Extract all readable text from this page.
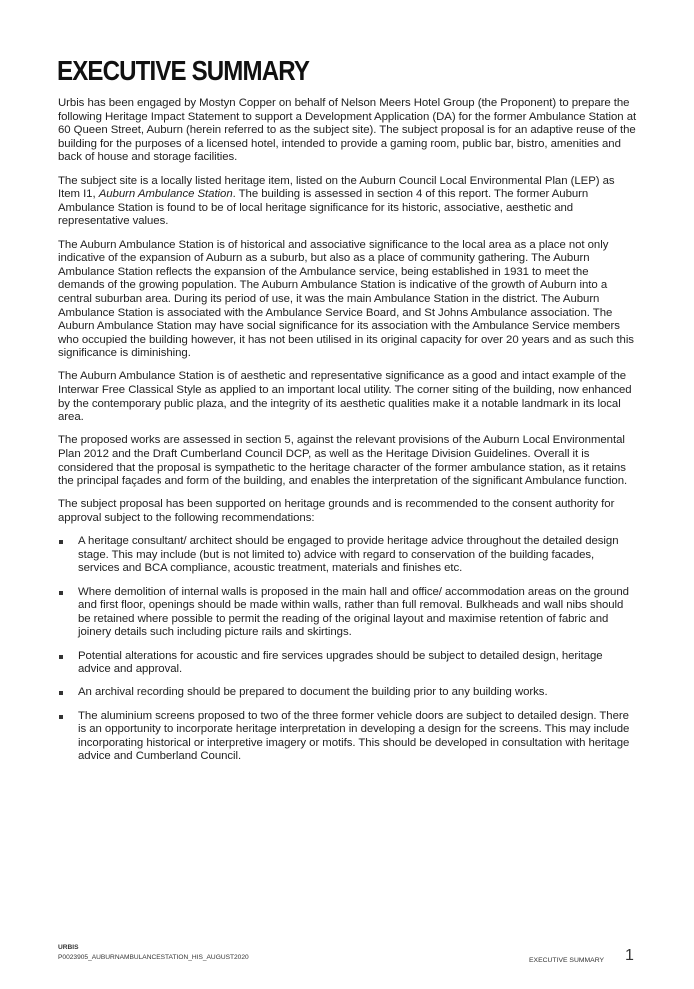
EXECUTIVE SUMMARY

Urbis has been engaged by Mostyn Copper on behalf of Nelson Meers Hotel Group (the Proponent) to prepare the following Heritage Impact Statement to support a Development Application (DA) for the former Ambulance Station at 60 Queen Street, Auburn (herein referred to as the subject site). The subject proposal is for an adaptive reuse of the building for the purposes of a licensed hotel, intended to provide a gaming room, public bar, bistro, amenities and back of house and storage facilities.

The subject site is a locally listed heritage item, listed on the Auburn Council Local Environmental Plan (LEP) as Item I1, Auburn Ambulance Station. The building is assessed in section 4 of this report. The former Auburn Ambulance Station is found to be of local heritage significance for its historic, associative, aesthetic and representative values.

The Auburn Ambulance Station is of historical and associative significance to the local area as a place not only indicative of the expansion of Auburn as a suburb, but also as a place of community gathering. The Auburn Ambulance Station reflects the expansion of the Ambulance service, being established in 1931 to meet the demands of the growing population. The Auburn Ambulance Station is indicative of the growth of Auburn into a central suburban area. During its period of use, it was the main Ambulance Station in the district. The Auburn Ambulance Station is associated with the Ambulance Service Board, and St Johns Ambulance association. The Auburn Ambulance Station may have social significance for its association with the Ambulance Service members who occupied the building however, it has not been utilised in its original capacity for over 20 years and as such this significance is diminishing.

The Auburn Ambulance Station is of aesthetic and representative significance as a good and intact example of the Interwar Free Classical Style as applied to an important local utility. The corner siting of the building, now enhanced by the contemporary public plaza, and the integrity of its aesthetic qualities make it a notable landmark in its local area.

The proposed works are assessed in section 5, against the relevant provisions of the Auburn Local Environmental Plan 2012 and the Draft Cumberland Council DCP, as well as the Heritage Division Guidelines. Overall it is considered that the proposal is sympathetic to the heritage character of the former ambulance station, as it retains the principal façades and form of the building, and enables the interpretation of the significant Ambulance function.

The subject proposal has been supported on heritage grounds and is recommended to the consent authority for approval subject to the following recommendations:

A heritage consultant/ architect should be engaged to provide heritage advice throughout the detailed design stage. This may include (but is not limited to) advice with regard to conservation of the building facades, services and BCA compliance, acoustic treatment, materials and finishes etc.
Where demolition of internal walls is proposed in the main hall and office/ accommodation areas on the ground and first floor, openings should be made within walls, rather than full removal. Bulkheads and wall nibs should be retained where possible to permit the reading of the original layout and maximise retention of fabric and joinery details such including picture rails and skirtings.
Potential alterations for acoustic and fire services upgrades should be subject to detailed design, heritage advice and approval.
An archival recording should be prepared to document the building prior to any building works.
The aluminium screens proposed to two of the three former vehicle doors are subject to detailed design. There is an opportunity to incorporate heritage interpretation in developing a design for the screens. This may include incorporating historical or interpretive imagery or motifs. This should be developed in consultation with heritage advice and Cumberland Council.
URBIS
P0023905_AUBURNAMBULANCESTATION_HIS_AUGUST2020	EXECUTIVE SUMMARY 1
